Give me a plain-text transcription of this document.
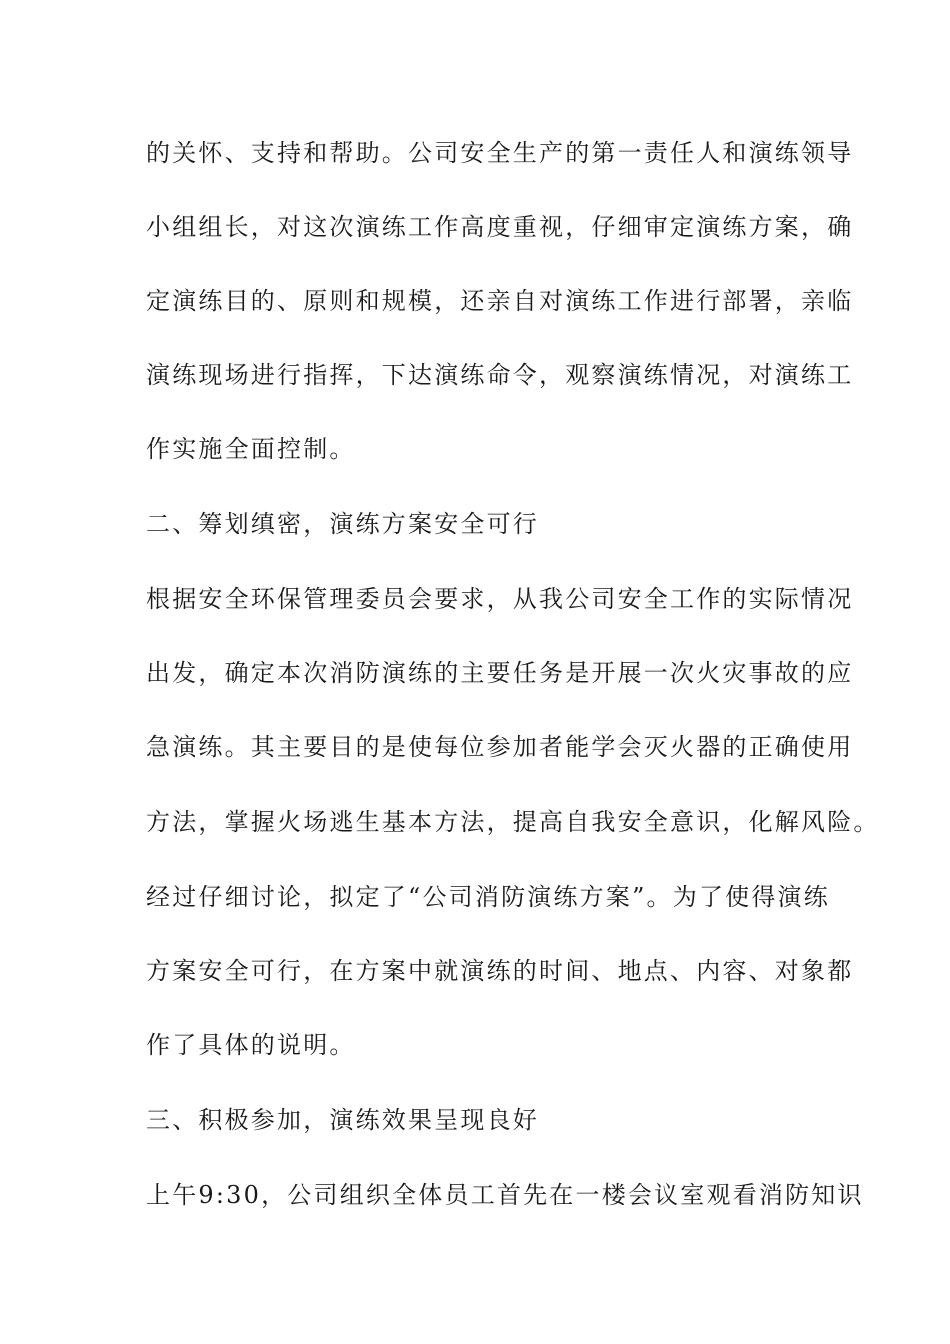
的关怀、支持和帮助。公司安全生产的第一责任人和演练领导
小组组长，对这次演练工作高度重视，仔细审定演练方案，确
定演练目的、原则和规模，还亲自对演练工作进行部署，亲临
演练现场进行指挥，下达演练命令，观察演练情况，对演练工
作实施全面控制。
二、筹划缜密，演练方案安全可行
根据安全环保管理委员会要求，从我公司安全工作的实际情况
出发，确定本次消防演练的主要任务是开展一次火灾事故的应
急演练。其主要目的是使每位参加者能学会灭火器的正确使用
方法，掌握火场逃生基本方法，提高自我安全意识，化解风险。
经过仔细讨论，拟定了“公司消防演练方案”。为了使得演练
方案安全可行，在方案中就演练的时间、地点、内容、对象都
作了具体的说明。
三、积极参加，演练效果呈现良好
上午9:30，公司组织全体员工首先在一楼会议室观看消防知识
